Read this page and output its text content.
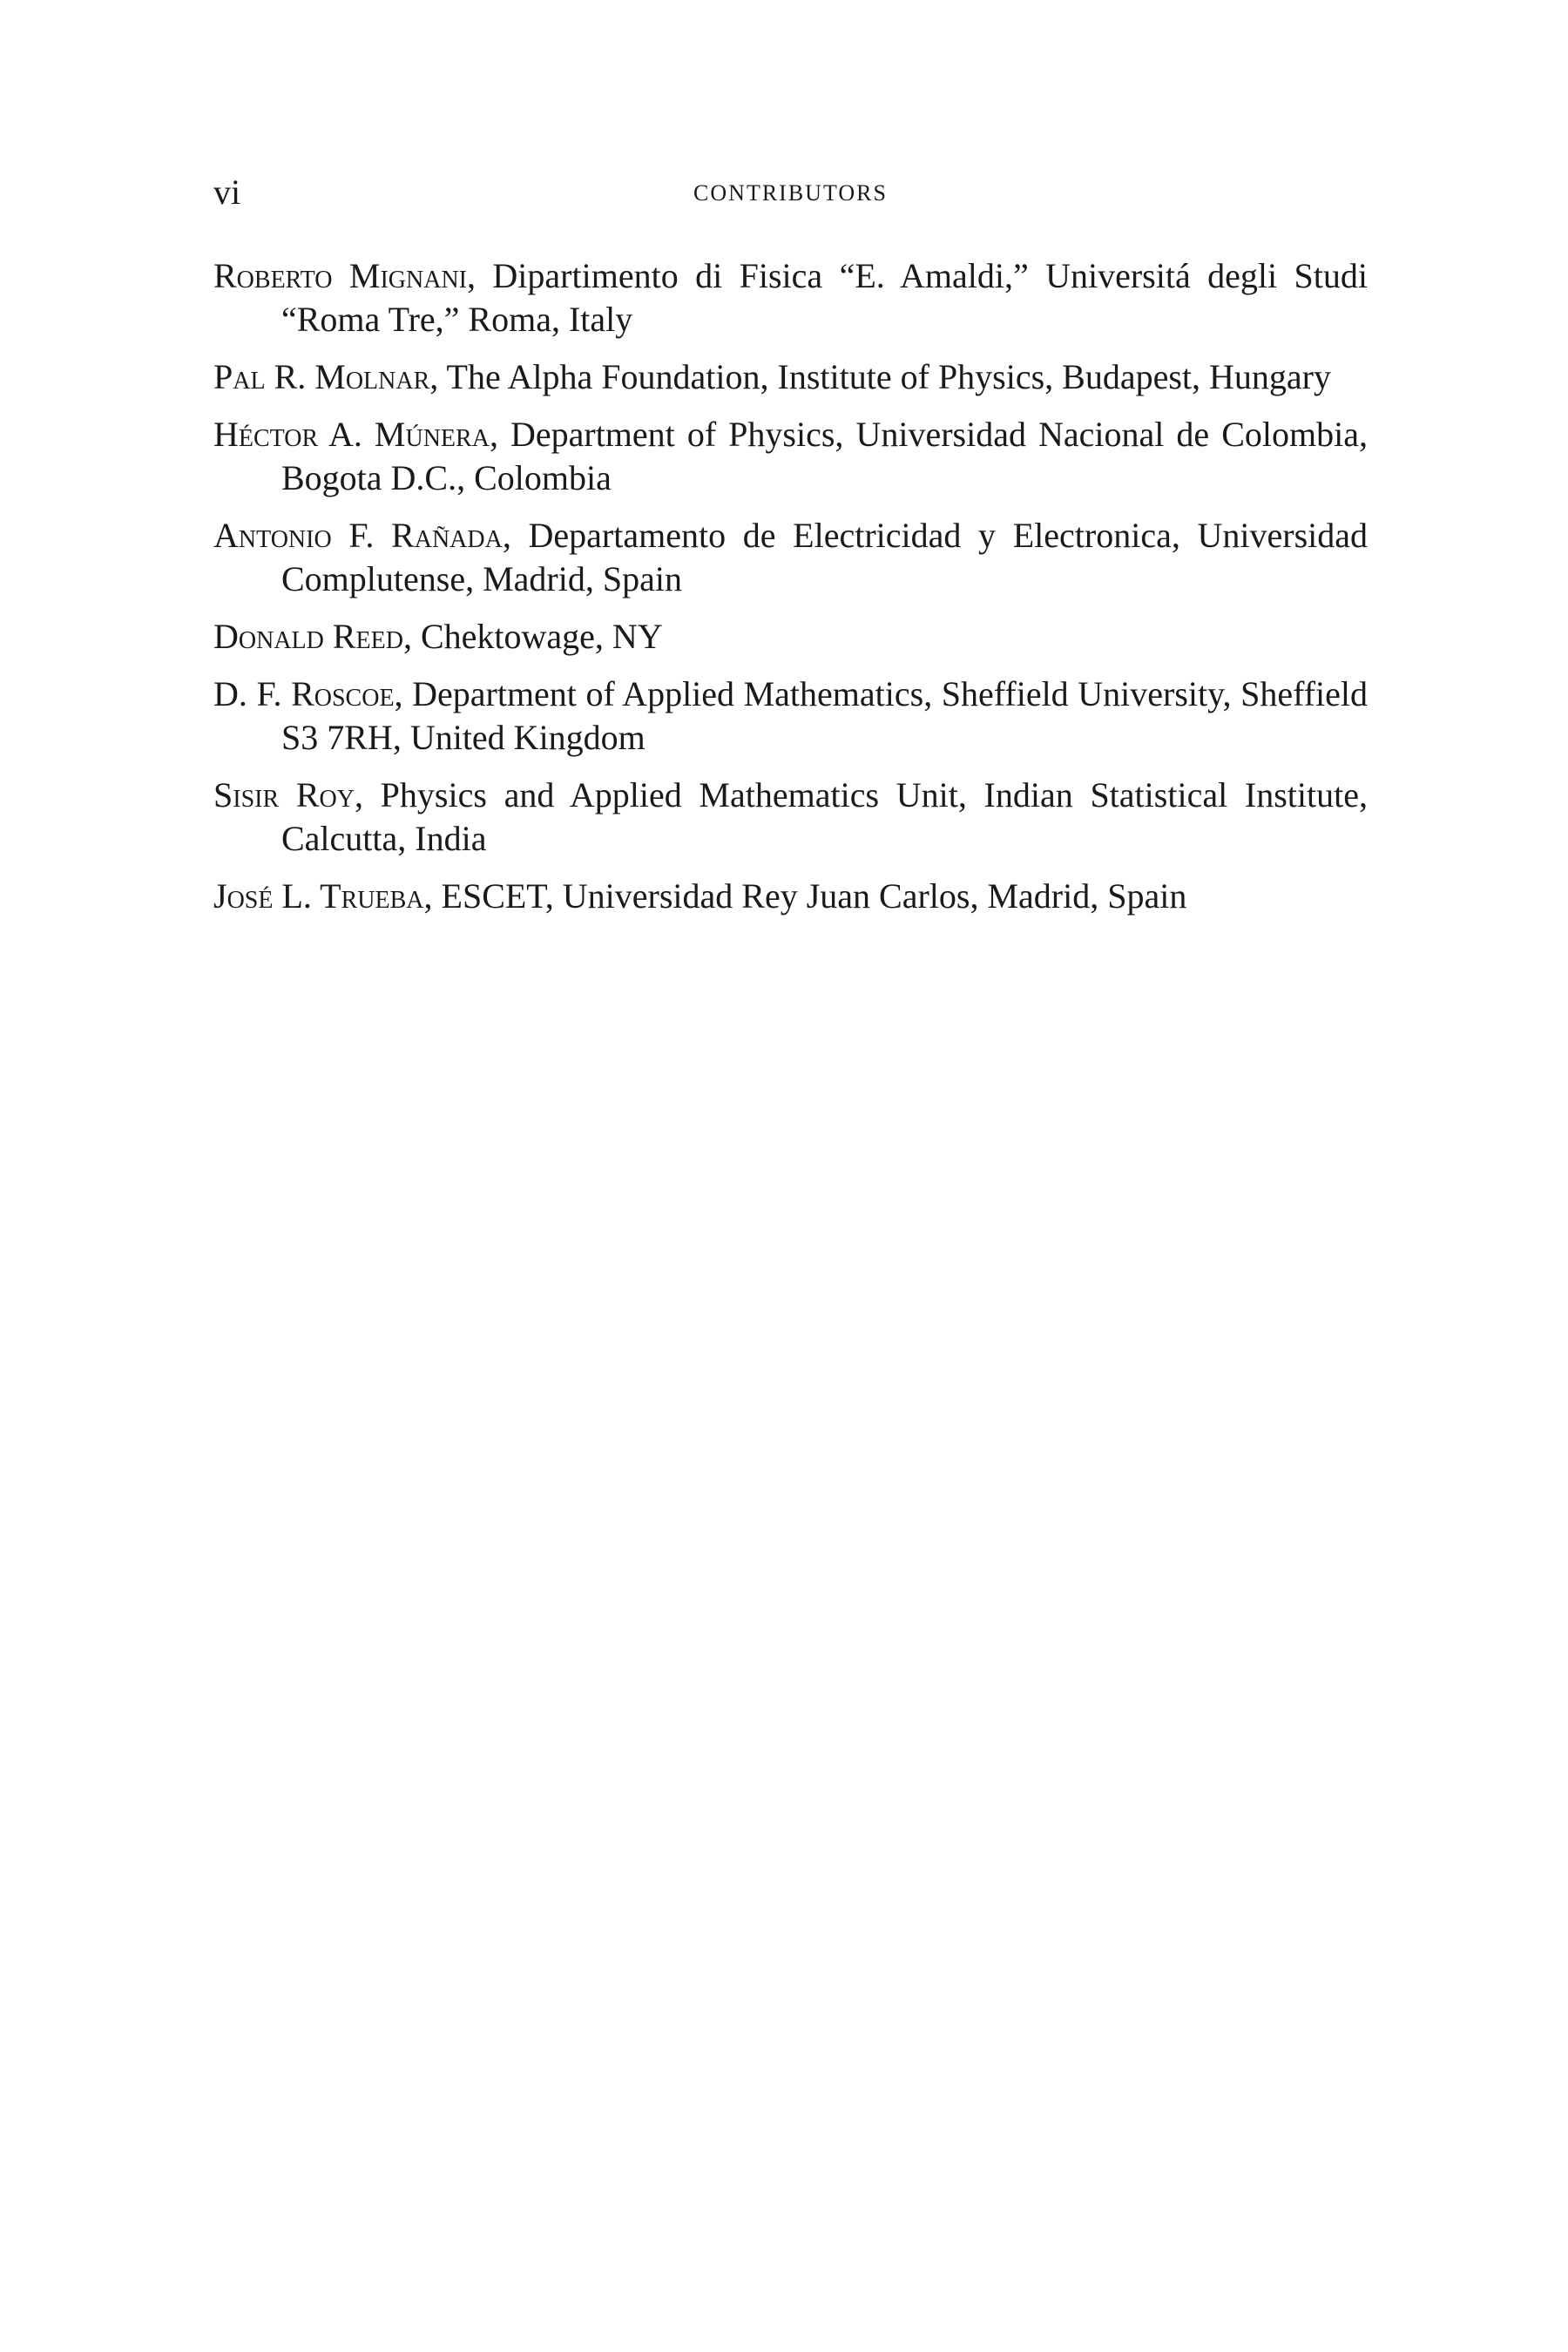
vi	CONTRIBUTORS
Roberto Mignani, Dipartimento di Fisica “E. Amaldi,” Universitá degli Studi “Roma Tre,” Roma, Italy
Pal R. Molnar, The Alpha Foundation, Institute of Physics, Budapest, Hungary
Héctor A. Múnera, Department of Physics, Universidad Nacional de Colombia, Bogota D.C., Colombia
Antonio F. Rañada, Departamento de Electricidad y Electronica, Universidad Complutense, Madrid, Spain
Donald Reed, Chektowage, NY
D. F. Roscoe, Department of Applied Mathematics, Sheffield University, Sheffield S3 7RH, United Kingdom
Sisir Roy, Physics and Applied Mathematics Unit, Indian Statistical Institute, Calcutta, India
José L. Trueba, ESCET, Universidad Rey Juan Carlos, Madrid, Spain
